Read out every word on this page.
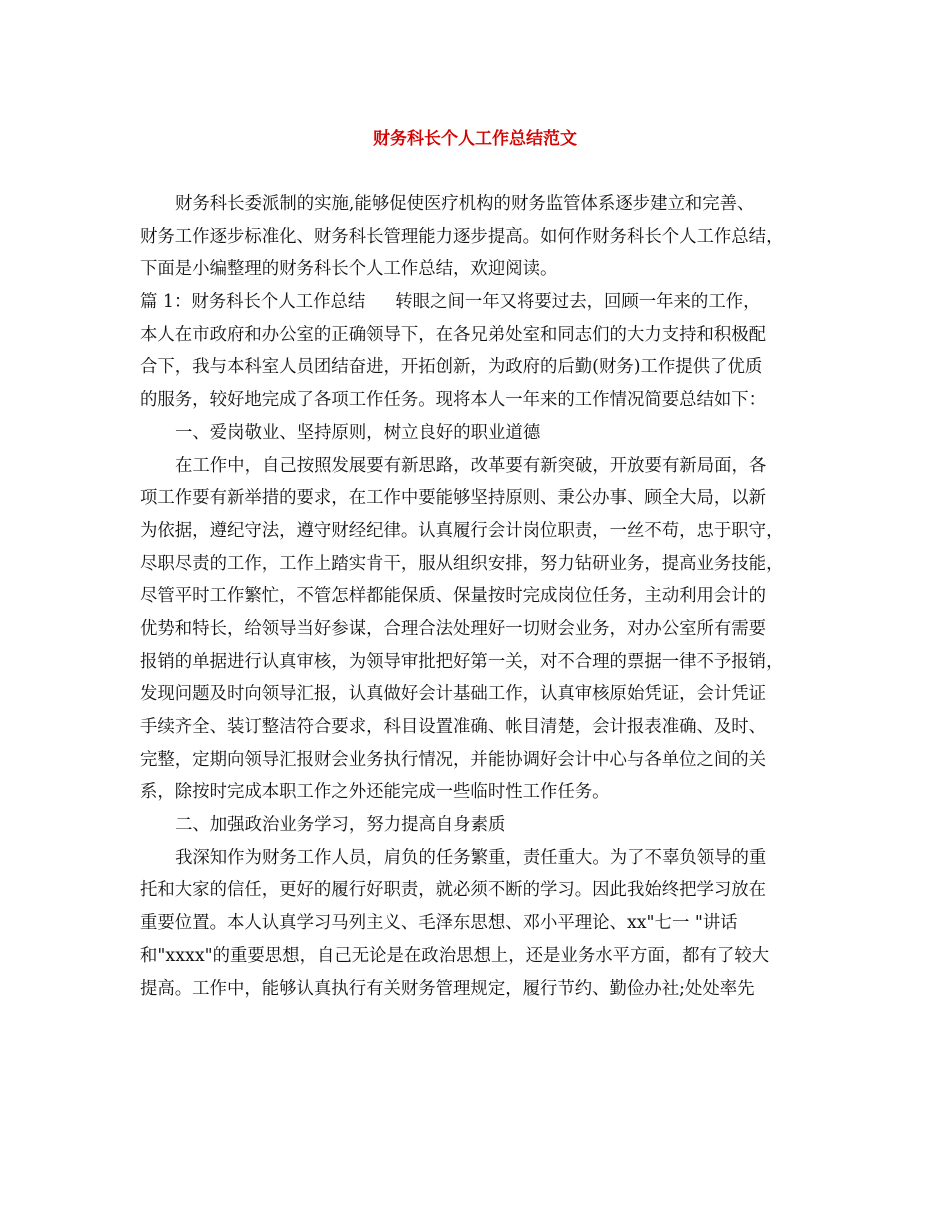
财务科长个人工作总结范文
财务科长委派制的实施,能够促使医疗机构的财务监管体系逐步建立和完善、
财务工作逐步标准化、财务科长管理能力逐步提高。如何作财务科长个人工作总结，
下面是小编整理的财务科长个人工作总结，欢迎阅读。
篇 1：财务科长个人工作总结 转眼之间一年又将要过去，回顾一年来的工作，
本人在市政府和办公室的正确领导下，在各兄弟处室和同志们的大力支持和积极配
合下，我与本科室人员团结奋进，开拓创新，为政府的后勤(财务)工作提供了优质
的服务，较好地完成了各项工作任务。现将本人一年来的工作情况简要总结如下：
一、爱岗敬业、坚持原则，树立良好的职业道德
在工作中，自己按照发展要有新思路，改革要有新突破，开放要有新局面，各
项工作要有新举措的要求，在工作中要能够坚持原则、秉公办事、顾全大局，以新
为依据，遵纪守法，遵守财经纪律。认真履行会计岗位职责，一丝不苟，忠于职守，
尽职尽责的工作，工作上踏实肯干，服从组织安排，努力钻研业务，提高业务技能，
尽管平时工作繁忙，不管怎样都能保质、保量按时完成岗位任务，主动利用会计的
优势和特长，给领导当好参谋，合理合法处理好一切财会业务，对办公室所有需要
报销的单据进行认真审核，为领导审批把好第一关，对不合理的票据一律不予报销，
发现问题及时向领导汇报，认真做好会计基础工作，认真审核原始凭证，会计凭证
手续齐全、装订整洁符合要求，科目设置准确、帐目清楚，会计报表准确、及时、
完整，定期向领导汇报财会业务执行情况，并能协调好会计中心与各单位之间的关
系，除按时完成本职工作之外还能完成一些临时性工作任务。
二、加强政治业务学习，努力提高自身素质
我深知作为财务工作人员，肩负的任务繁重，责任重大。为了不辜负领导的重
托和大家的信任，更好的履行好职责，就必须不断的学习。因此我始终把学习放在
重要位置。本人认真学习马列主义、毛泽东思想、邓小平理论、xx"七一 "讲话
和"xxxx"的重要思想，自己无论是在政治思想上，还是业务水平方面，都有了较大
提高。工作中，能够认真执行有关财务管理规定，履行节约、勤俭办社;处处率先
